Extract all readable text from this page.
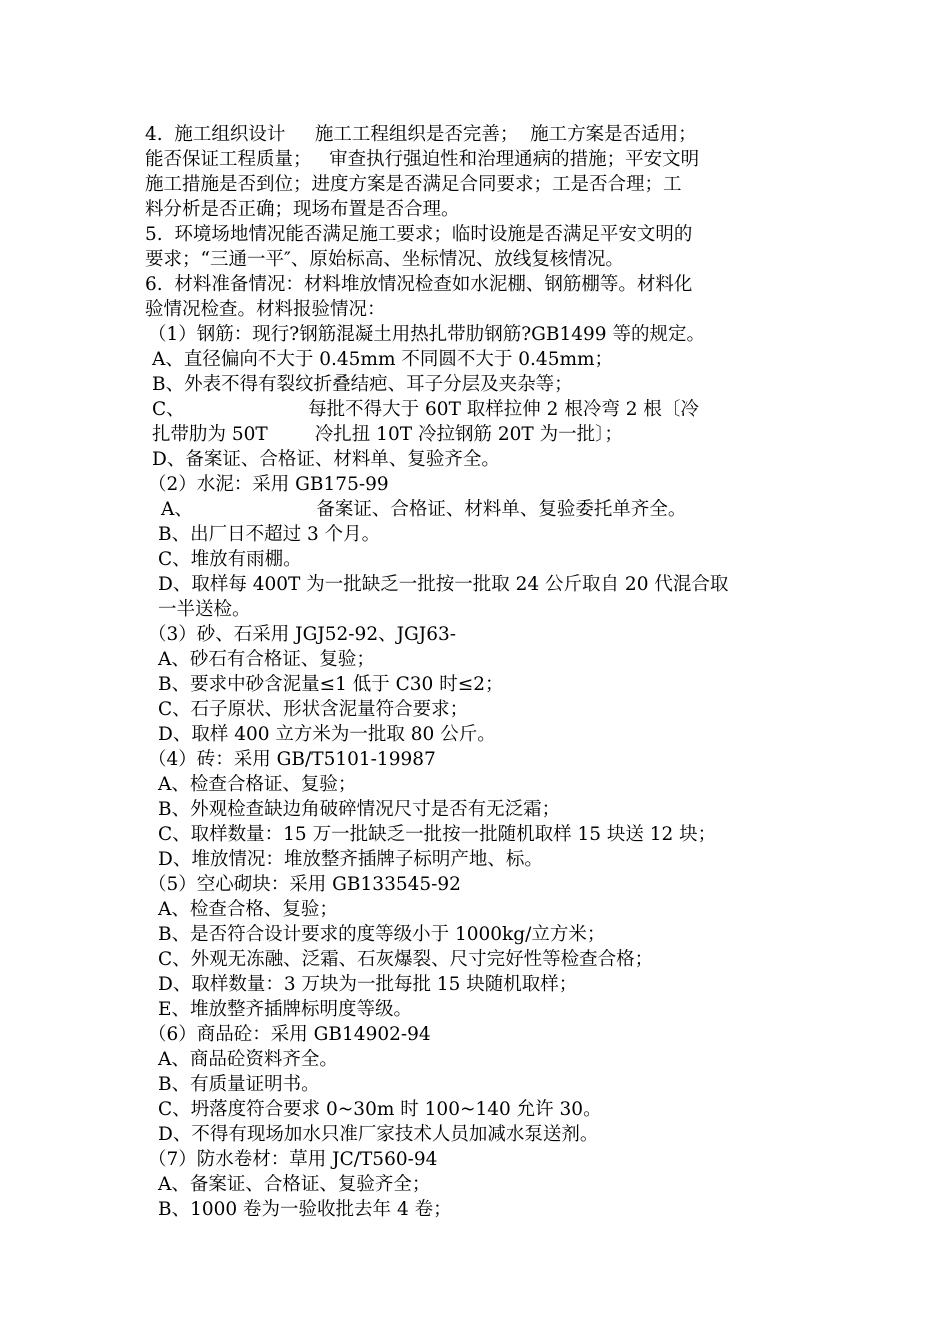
4.  施工组织设计     施工工程组织是否完善；  施工方案是否适用；
能否保证工程质量；   审查执行强迫性和治理通病的措施；平安文明
施工措施是否到位；进度方案是否满足合同要求；工是否合理；工
料分析是否正确；现场布置是否合理。
5.  环境场地情况能否满足施工要求；临时设施是否满足平安文明的
要求；“三通一平″、原始标高、坐标情况、放线复核情况。
6.  材料准备情况：材料堆放情况检查如水泥棚、钢筋棚等。材料化
验情况检查。材料报验情况：
（1）钢筋：现行?钢筋混凝土用热扎带肋钢筋?GB1499 等的规定。
A、直径偏向不大于 0.45mm 不同圆不大于 0.45mm；
B、外表不得有裂纹折叠结疤、耳子分层及夹杂等；
C、                     每批不得大于 60T 取样拉伸 2 根冷弯 2 根〔冷
扎带肋为 50T        冷扎扭 10T 冷拉钢筋 20T 为一批〕；
D、备案证、合格证、材料单、复验齐全。
（2）水泥：采用 GB175-99
A、                     备案证、合格证、材料单、复验委托单齐全。
B、出厂日不超过 3 个月。
C、堆放有雨棚。
D、取样每 400T 为一批缺乏一批按一批取 24 公斤取自 20 代混合取
一半送检。
（3）砂、石采用 JGJ52-92、JGJ63-
A、砂石有合格证、复验；
B、要求中砂含泥量≤1 低于 C30 时≤2；
C、石子原状、形状含泥量符合要求；
D、取样 400 立方米为一批取 80 公斤。
（4）砖：采用 GB/T5101-19987
A、检查合格证、复验；
B、外观检查缺边角破碎情况尺寸是否有无泛霜；
C、取样数量：15 万一批缺乏一批按一批随机取样 15 块送 12 块；
D、堆放情况：堆放整齐插牌子标明产地、标。
（5）空心砌块：采用 GB133545-92
A、检查合格、复验；
B、是否符合设计要求的度等级小于 1000kg/立方米；
C、外观无冻融、泛霜、石灰爆裂、尺寸完好性等检查合格；
D、取样数量：3 万块为一批每批 15 块随机取样；
E、堆放整齐插牌标明度等级。
（6）商品砼：采用 GB14902-94
A、商品砼资料齐全。
B、有质量证明书。
C、坍落度符合要求 0~30m 时 100~140 允许 30。
D、不得有现场加水只准厂家技术人员加减水泵送剂。
（7）防水卷材：草用 JC/T560-94
A、备案证、合格证、复验齐全；
B、1000 卷为一验收批去年 4 卷；
